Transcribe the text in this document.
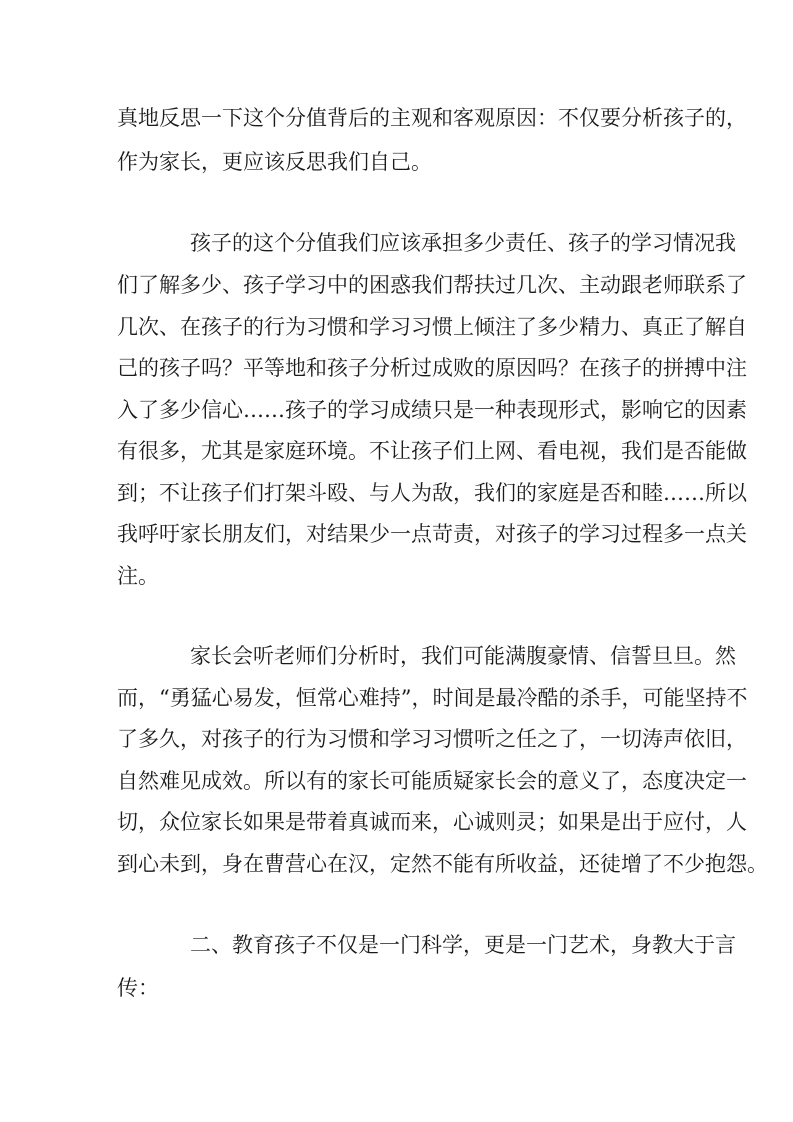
真地反思一下这个分值背后的主观和客观原因：不仅要分析孩子的，
作为家长，更应该反思我们自己。
孩子的这个分值我们应该承担多少责任、孩子的学习情况我
们了解多少、孩子学习中的困惑我们帮扶过几次、主动跟老师联系了
几次、在孩子的行为习惯和学习习惯上倾注了多少精力、真正了解自
己的孩子吗？平等地和孩子分析过成败的原因吗？在孩子的拼搏中注
入了多少信心……孩子的学习成绩只是一种表现形式，影响它的因素
有很多，尤其是家庭环境。不让孩子们上网、看电视，我们是否能做
到；不让孩子们打架斗殴、与人为敌，我们的家庭是否和睦……所以
我呼吁家长朋友们，对结果少一点苛责，对孩子的学习过程多一点关
注。
家长会听老师们分析时，我们可能满腹豪情、信誓旦旦。然
而，“勇猛心易发，恒常心难持”，时间是最冷酷的杀手，可能坚持不
了多久，对孩子的行为习惯和学习习惯听之任之了，一切涛声依旧，
自然难见成效。所以有的家长可能质疑家长会的意义了，态度决定一
切，众位家长如果是带着真诚而来，心诚则灵；如果是出于应付，人
到心未到，身在曹营心在汉，定然不能有所收益，还徒增了不少抱怨。
二、教育孩子不仅是一门科学，更是一门艺术，身教大于言
传：
